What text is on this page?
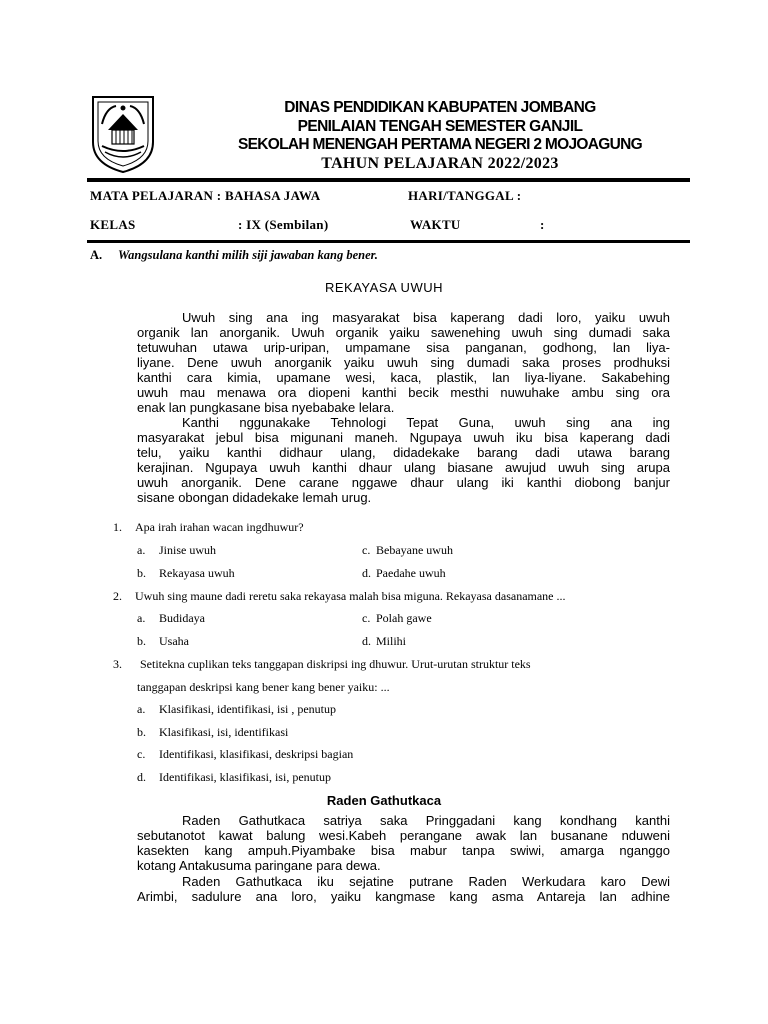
DINAS PENDIDIKAN KABUPATEN JOMBANG
PENILAIAN TENGAH SEMESTER GANJIL
SEKOLAH MENENGAH PERTAMA NEGERI 2 MOJOAGUNG
TAHUN PELAJARAN 2022/2023
MATA PELAJARAN : BAHASA JAWA	HARI/TANGGAL :
KELAS	: IX (Sembilan)	WAKTU	:
A. Wangsulana kanthi milih siji jawaban kang bener.
REKAYASA UWUH
Uwuh sing ana ing masyarakat bisa kaperang dadi loro, yaiku uwuh
organik lan anorganik. Uwuh organik yaiku sawenehing uwuh sing dumadi saka
tetuwuhan utawa urip-uripan, umpamane sisa panganan, godhong, lan liya-
liyane. Dene uwuh anorganik yaiku uwuh sing dumadi saka proses prodhuksi
kanthi cara kimia, upamane wesi, kaca, plastik, lan liya-liyane. Sakabehing
uwuh mau menawa ora diopeni kanthi becik mesthi nuwuhake ambu sing ora
enak lan pungkasane bisa nyebabake lelara.
Kanthi nggunakake Tehnologi Tepat Guna, uwuh sing ana ing
masyarakat jebul bisa migunani maneh. Ngupaya uwuh iku bisa kaperang dadi
telu, yaiku kanthi didhaur ulang, didadekake barang dadi utawa barang
kerajinan. Ngupaya uwuh kanthi dhaur ulang biasane awujud uwuh sing arupa
uwuh anorganik. Dene carane nggawe dhaur ulang iki kanthi diobong banjur
sisane obongan didadekake lemah urug.
1. Apa irah irahan wacan ingdhuwur?
a. Jinise uwuh	c. Bebayane uwuh
b. Rekayasa uwuh	d. Paedahe uwuh
2. Uwuh sing maune dadi reretu saka rekayasa malah bisa miguna. Rekayasa dasanamane ...
a. Budidaya	c. Polah gawe
b. Usaha	d. Milihi
3. Setitekna cuplikan teks tanggapan diskripsi ing dhuwur. Urut-urutan struktur teks
tanggapan deskripsi kang bener kang bener yaiku: ...
a. Klasifikasi, identifikasi, isi , penutup
b. Klasifikasi, isi, identifikasi
c. Identifikasi, klasifikasi, deskripsi bagian
d. Identifikasi, klasifikasi, isi, penutup
Raden Gathutkaca
Raden Gathutkaca satriya saka Pringgadani kang kondhang kanthi
sebutanotot kawat balung wesi.Kabeh perangane awak lan busanane nduweni
kasekten kang ampuh.Piyambake bisa mabur tanpa swiwi, amarga nganggo
kotang Antakusuma paringane para dewa.
Raden Gathutkaca iku sejatine putrane Raden Werkudara karo Dewi
Arimbi, sadulure ana loro, yaiku kangmase kang asma Antareja lan adhine
